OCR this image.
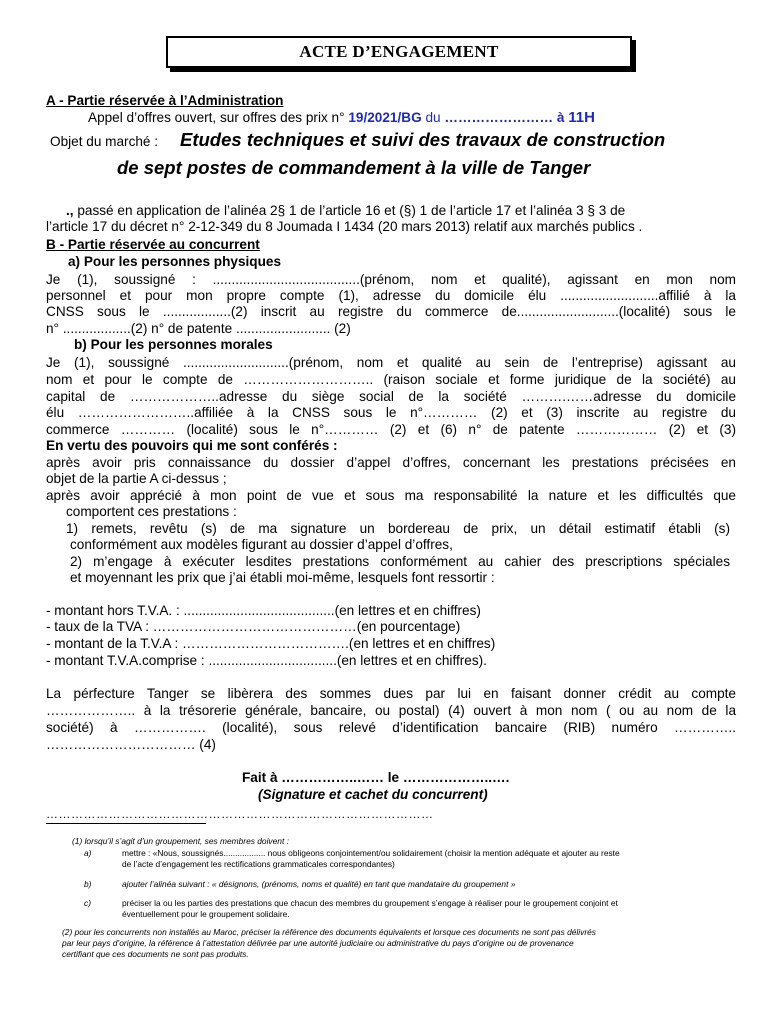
ACTE D’ENGAGEMENT
A - Partie réservée à l’Administration
Appel d’offres ouvert, sur offres des prix n° 19/2021/BG du …………………… à 11H
Objet du marché :	Etudes techniques et suivi des travaux de construction
de sept postes de commandement à la ville de Tanger
., passé en application de l’alinéa 2§ 1 de l’article 16 et (§) 1 de l’article 17 et l’alinéa 3 § 3 de
l’article 17 du décret n° 2-12-349 du 8 Joumada I 1434 (20 mars 2013) relatif aux marchés publics .
B - Partie réservée au concurrent
a) Pour les personnes physiques
Je (1), soussigné : .......................................(prénom, nom et qualité), agissant en mon nom
personnel et pour mon propre compte (1), adresse du domicile élu ..........................affilié à la
CNSS sous le ..................(2) inscrit au registre du commerce de...........................(localité) sous le
n° ..................(2) n° de patente ......................... (2)
b) Pour les personnes morales
Je (1), soussigné ............................(prénom, nom et qualité au sein de l’entreprise) agissant au
nom et pour le compte de ……………………….. (raison sociale et forme juridique de la société) au
capital de ………………..adresse du siège social de la société ……….……adresse du domicile
élu ……………………..affiliée à la CNSS sous le n°………… (2) et (3) inscrite au registre du
commerce ………… (localité) sous le n°………… (2) et (6) n° de patente ……………… (2) et (3)
En vertu des pouvoirs qui me sont conférés :
après avoir pris connaissance du dossier d’appel d’offres, concernant les prestations précisées en
objet de la partie A ci-dessus ;
après avoir apprécié à mon point de vue et sous ma responsabilité la nature et les difficultés que
comportent ces prestations :
1) remets, revêtu (s) de ma signature un bordereau de prix, un détail estimatif établi (s)
conformément aux modèles figurant au dossier d’appel d’offres,
2) m’engage à exécuter lesdites prestations conformément au cahier des prescriptions spéciales
et moyennant les prix que j’ai établi moi-même, lesquels font ressortir :
- montant hors T.V.A. : ........................................(en lettres et en chiffres)
- taux de la TVA : ………………………………………(en pourcentage)
- montant de la T.V.A : ……………………………….(en lettres et en chiffres)
- montant T.V.A.comprise : ..................................(en lettres et en chiffres).
La pérfecture Tanger se libèrera des sommes dues par lui en faisant donner crédit au compte
……………….. à la trésorerie générale, bancaire, ou postal) (4) ouvert à mon nom ( ou au nom de la
société) à ……………. (localité), sous relevé d’identification bancaire (RIB) numéro …………..
…………………………… (4)
Fait à ……………..…… le ………………..….
(Signature et cachet du concurrent)
…………………………………………………………………………………
(1) lorsqu’il s’agit d’un groupement, ses membres doivent :
a)	mettre : «Nous, soussignés.................. nous obligeons conjointement/ou solidairement (choisir la mention adéquate et ajouter au reste
de l’acte d’engagement les rectifications grammaticales correspondantes)
b)	ajouter l’alinéa suivant : « désignons, (prénoms, noms et qualité) en tant que mandataire du groupement »
c)	préciser la ou les parties des prestations que chacun des membres du groupement s’engage à réaliser pour le groupement conjoint et
éventuellement pour le groupement solidaire.
(2) pour les concurrents non installés au Maroc, préciser la référence des documents équivalents et lorsque ces documents ne sont pas délivrés
par leur pays d’origine, la référence à l’attestation délivrée par une autorité judiciaire ou administrative du pays d’origine ou de provenance
certifiant que ces documents ne sont pas produits.
